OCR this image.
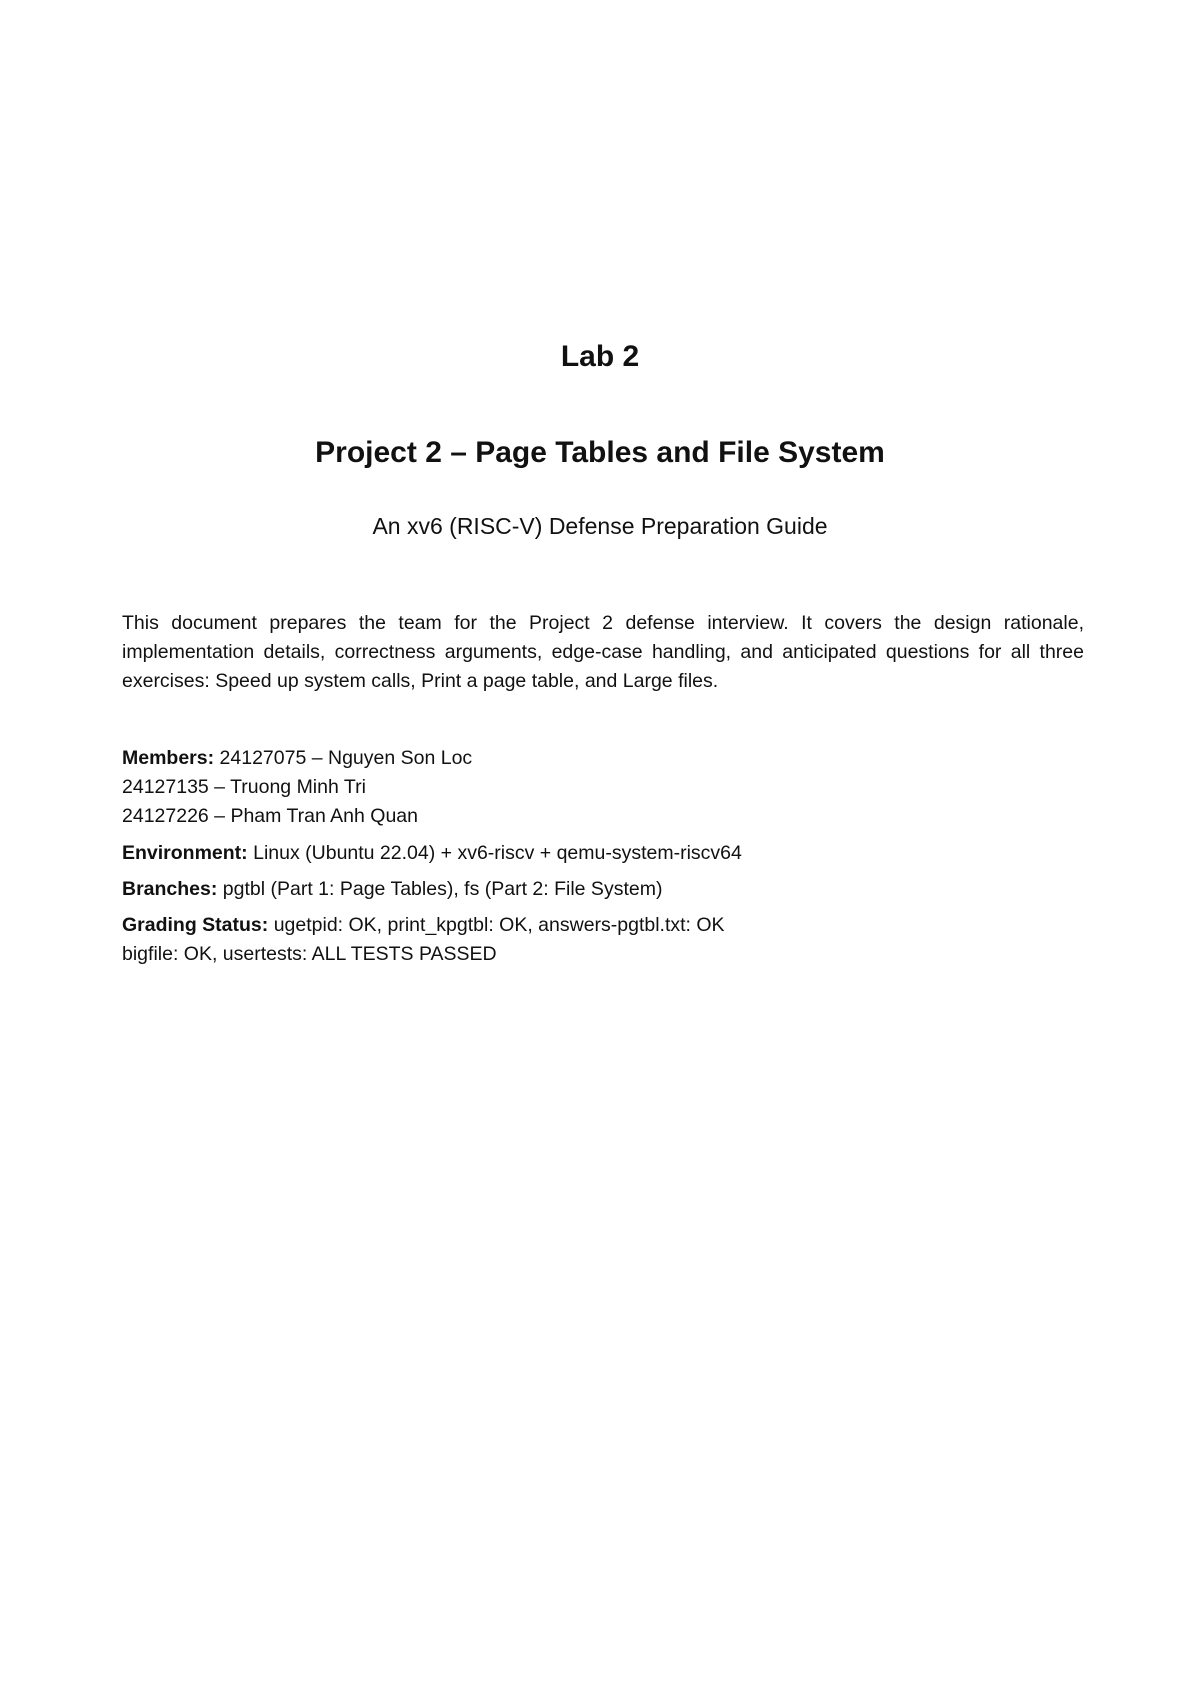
Lab 2
Project 2 – Page Tables and File System
An xv6 (RISC-V) Defense Preparation Guide
This document prepares the team for the Project 2 defense interview. It covers the design rationale, implementation details, correctness arguments, edge-case handling, and anticipated questions for all three exercises: Speed up system calls, Print a page table, and Large files.
Members: 24127075 – Nguyen Son Loc
24127135 – Truong Minh Tri
24127226 – Pham Tran Anh Quan
Environment: Linux (Ubuntu 22.04) + xv6-riscv + qemu-system-riscv64
Branches: pgtbl (Part 1: Page Tables), fs (Part 2: File System)
Grading Status: ugetpid: OK, print_kpgtbl: OK, answers-pgtbl.txt: OK
bigfile: OK, usertests: ALL TESTS PASSED
